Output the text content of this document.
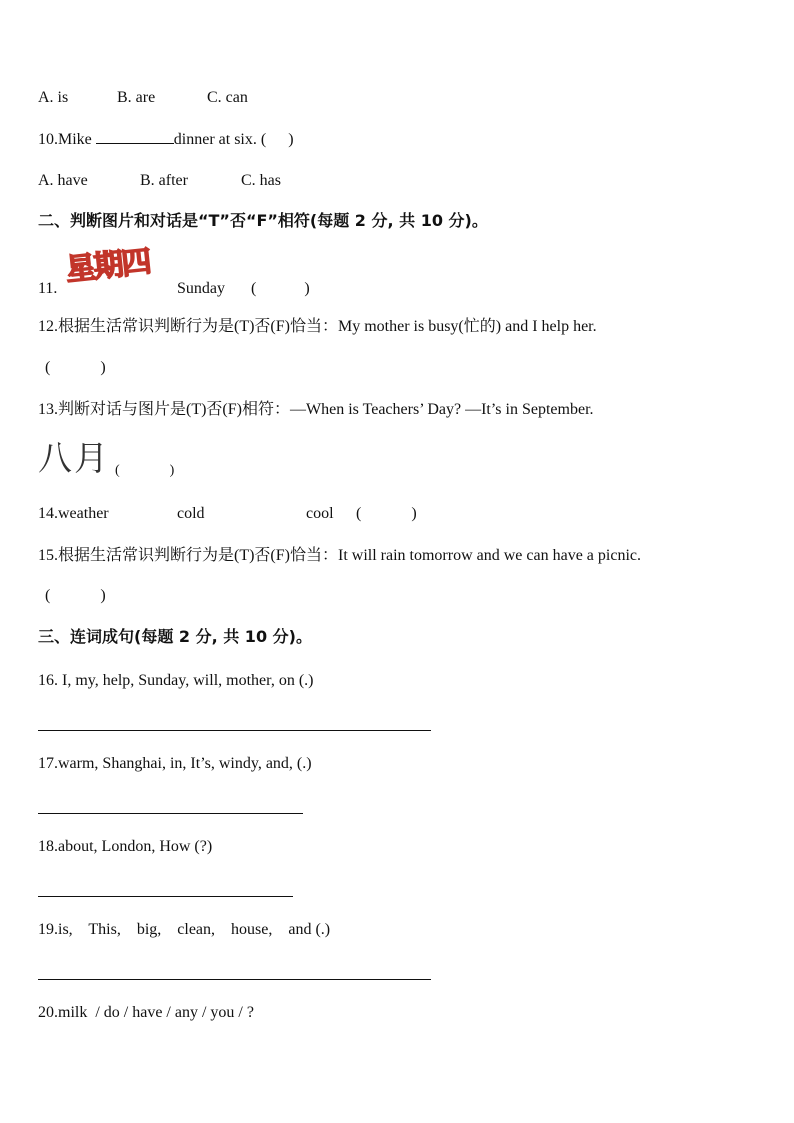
A. is	B. are	C. can
10.Mike	dinner at six. ( )
A. have	B. after	C. has
二、判断图片和对话是“T”否“F”相符(每题 2 分, 共 10 分)。
星期四
11.	Sunday (	)
12.根据生活常识判断行为是(T)否(F)恰当：My mother is busy(忙的) and I help her.
(	)
13.判断对话与图片是(T)否(F)相符：—When is Teachers’ Day? —It’s in September.
八月 (	)
14.weather	cold	cool (	)
15.根据生活常识判断行为是(T)否(F)恰当：It will rain tomorrow and we can have a picnic.
(	)
三、连词成句(每题 2 分, 共 10 分)。
16. I, my, help, Sunday, will, mother, on (.)
17.warm, Shanghai, in, It’s, windy, and, (.)
18.about, London, How (?)
19.is,    This,    big,    clean,    house,    and (.)
20.milk  / do / have / any / you / ?
